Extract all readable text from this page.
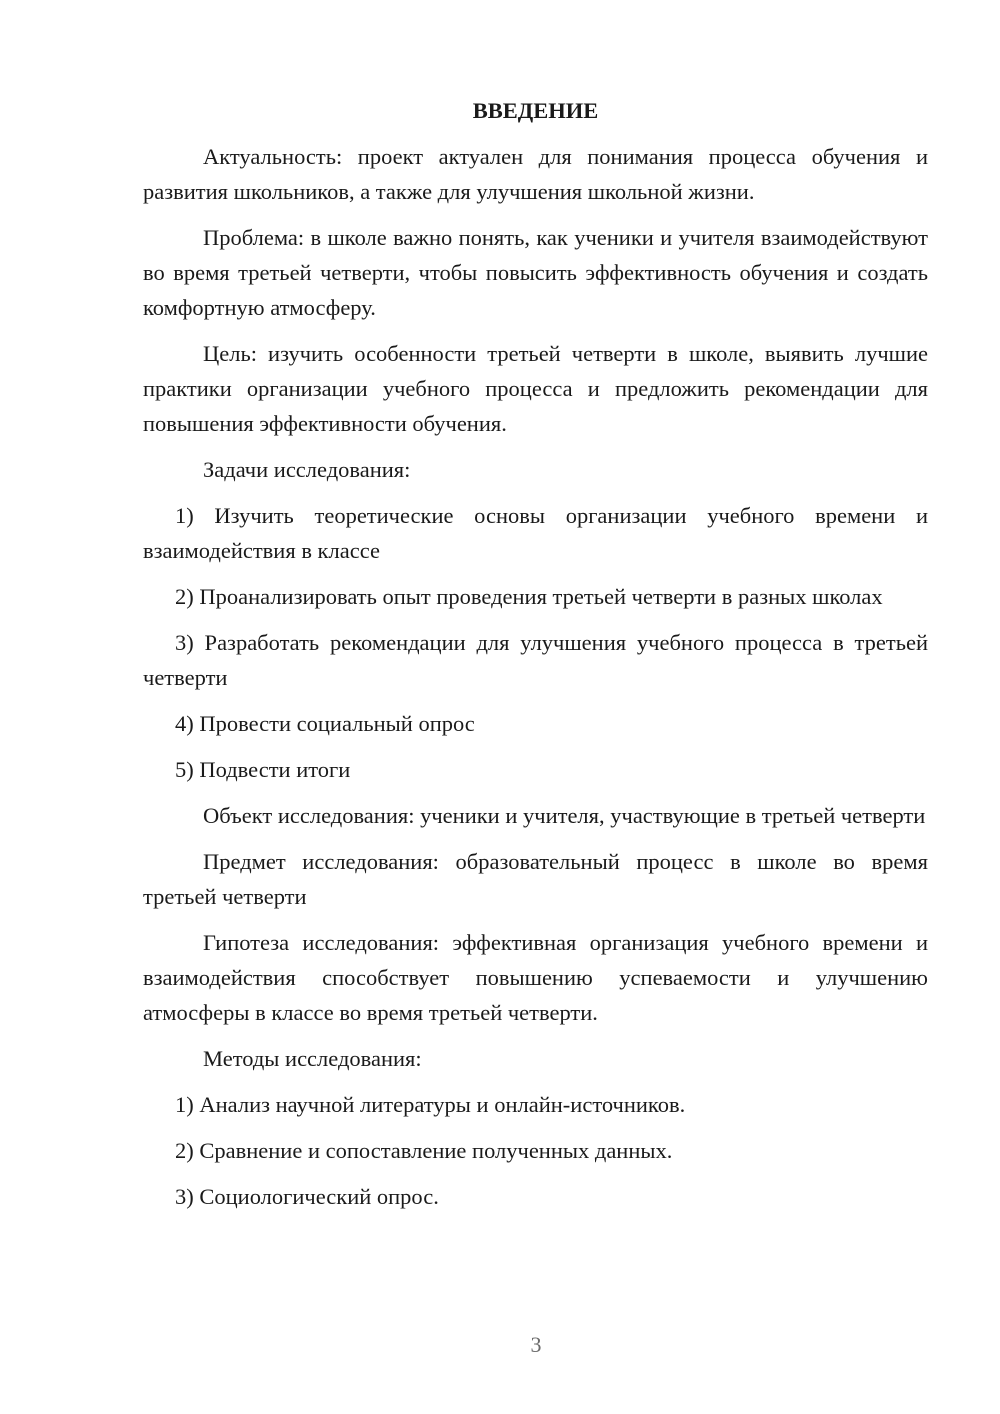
ВВЕДЕНИЕ

Актуальность: проект актуален для понимания процесса обучения и развития школьников, а также для улучшения школьной жизни.

Проблема: в школе важно понять, как ученики и учителя взаимодействуют во время третьей четверти, чтобы повысить эффективность обучения и создать комфортную атмосферу.

Цель: изучить особенности третьей четверти в школе, выявить лучшие практики организации учебного процесса и предложить рекомендации для повышения эффективности обучения.

Задачи исследования:

1) Изучить теоретические основы организации учебного времени и взаимодействия в классе

2) Проанализировать опыт проведения третьей четверти в разных школах

3) Разработать рекомендации для улучшения учебного процесса в третьей четверти

4) Провести социальный опрос

5) Подвести итоги

Объект исследования: ученики и учителя, участвующие в третьей четверти

Предмет исследования: образовательный процесс в школе во время третьей четверти

Гипотеза исследования: эффективная организация учебного времени и взаимодействия способствует повышению успеваемости и улучшению атмосферы в классе во время третьей четверти.

Методы исследования:

1) Анализ научной литературы и онлайн-источников.

2) Сравнение и сопоставление полученных данных.

3) Социологический опрос.

3
